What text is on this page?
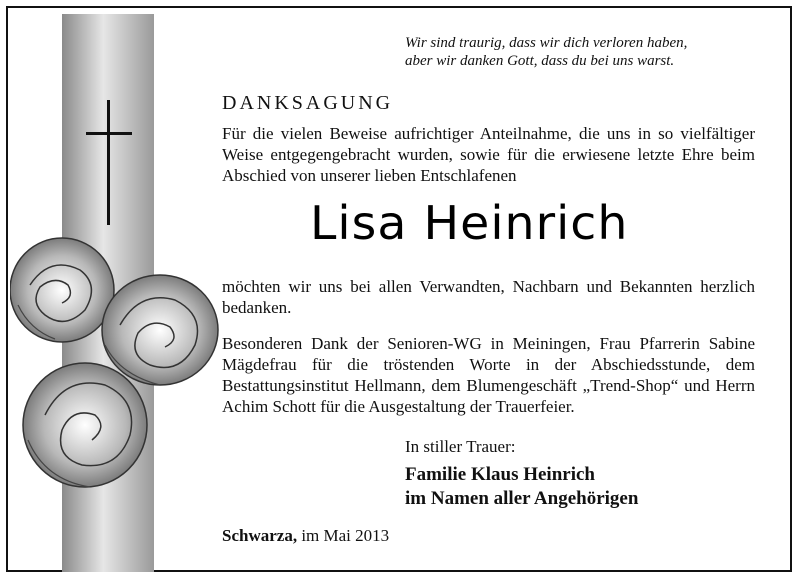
Wir sind traurig, dass wir dich verloren haben,
aber wir danken Gott, dass du bei uns warst.
DANKSAGUNG
Für die vielen Beweise aufrichtiger Anteilnahme, die uns in so vielfältiger Weise entgegengebracht wurden, sowie für die erwiesene letzte Ehre beim Abschied von unserer lieben Entschlafenen
Lisa Heinrich
möchten wir uns bei allen Verwandten, Nachbarn und Bekannten herzlich bedanken.
Besonderen Dank der Senioren-WG in Meiningen, Frau Pfarrerin Sabine Mägdefrau für die tröstenden Worte in der Abschiedsstunde, dem Bestattungsinstitut Hellmann, dem Blumengeschäft „Trend-Shop“ und Herrn Achim Schott für die Ausgestaltung der Trauerfeier.
In stiller Trauer:
Familie Klaus Heinrich
im Namen aller Angehörigen
Schwarza, im Mai 2013
